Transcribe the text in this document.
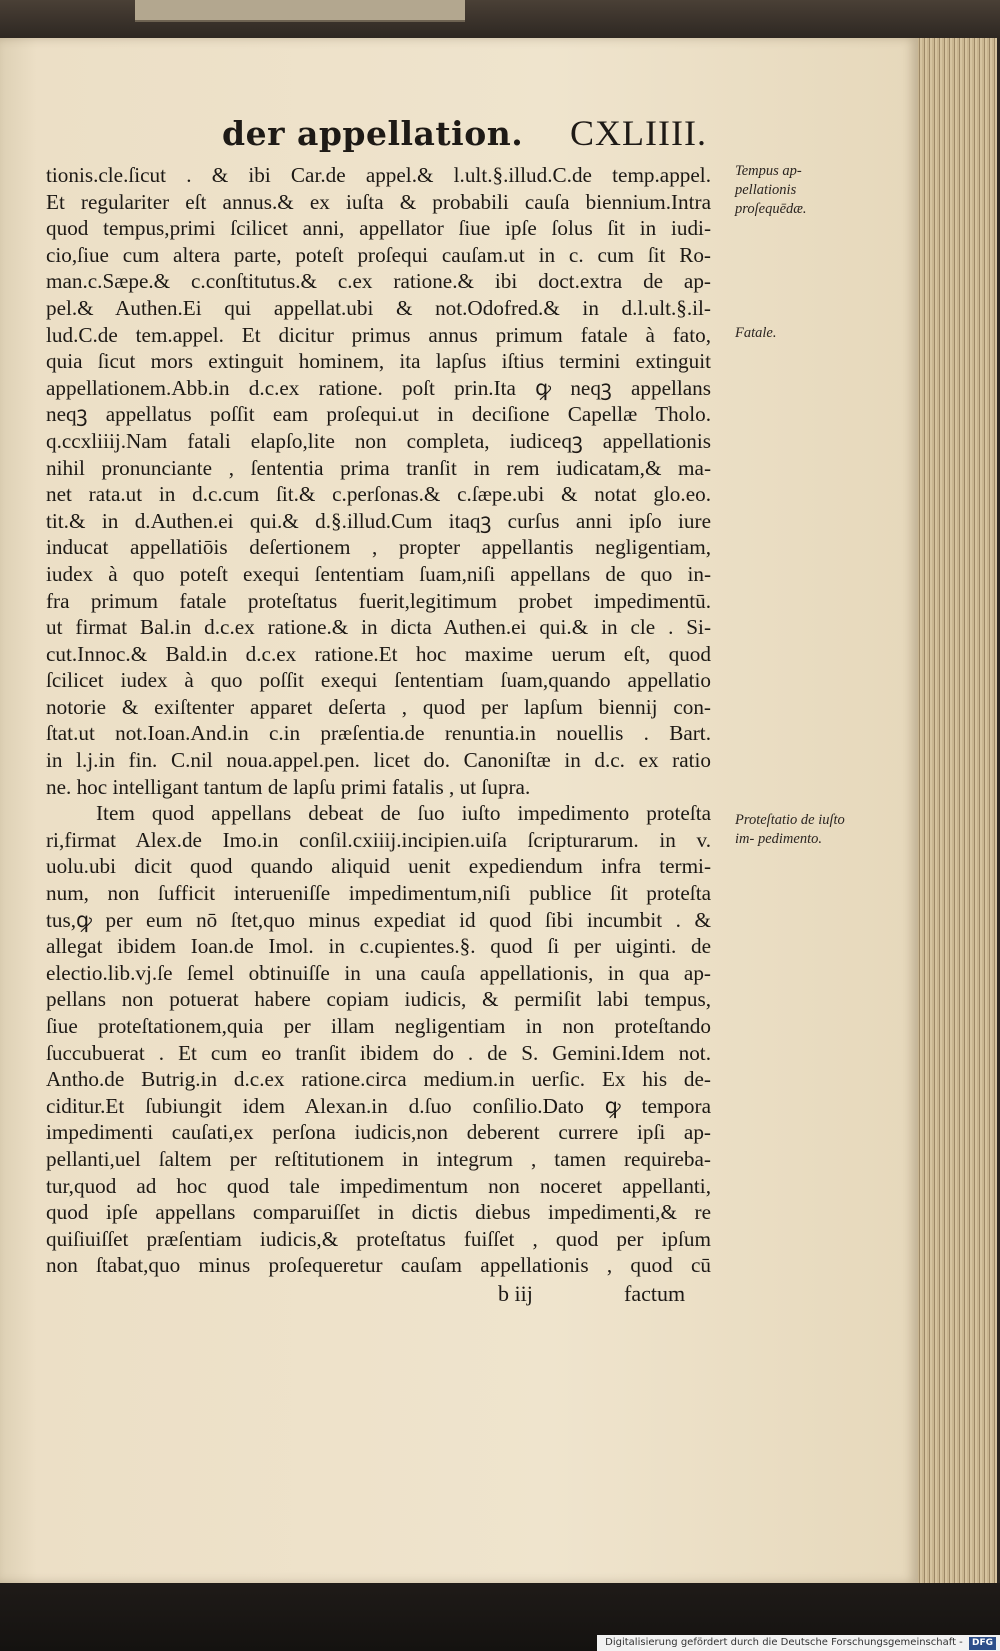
der appellation. CXLIIII.
tionis.cle.ſicut . & ibi Car.de appel.& l.ult.§.illud.C.de temp.appel.
Et regulariter eſt annus.& ex iuſta & probabili cauſa biennium.Intra
quod tempus,primi ſcilicet anni, appellator ſiue ipſe ſolus ſit in iudi‑
cio,ſiue cum altera parte, poteſt proſequi cauſam.ut in c. cum ſit Ro‑
man.c.Sæpe.& c.conſtitutus.& c.ex ratione.& ibi doct.extra de ap‑
pel.& Authen.Ei qui appellat.ubi & not.Odofred.& in d.l.ult.§.il‑
lud.C.de tem.appel. Et dicitur primus annus primum fatale à fato,
quia ſicut mors extinguit hominem, ita lapſus iſtius termini extinguit
appellationem.Abb.in d.c.ex ratione. poſt prin.Ita ꝙ neqꝫ appellans
neqꝫ appellatus poſſit eam proſequi.ut in deciſione Capellæ Tholo.
q.ccxliiij.Nam fatali elapſo,lite non completa, iudiceqꝫ appellationis
nihil pronunciante , ſententia prima tranſit in rem iudicatam,& ma‑
net rata.ut in d.c.cum ſit.& c.perſonas.& c.ſæpe.ubi & notat glo.eo.
tit.& in d.Authen.ei qui.& d.§.illud.Cum itaqꝫ curſus anni ipſo iure
inducat appellatiōis deſertionem , propter appellantis negligentiam,
iudex à quo poteſt exequi ſententiam ſuam,niſi appellans de quo in‑
fra primum fatale proteſtatus fuerit,legitimum probet impedimentū.
ut firmat Bal.in d.c.ex ratione.& in dicta Authen.ei qui.& in cle . Si‑
cut.Innoc.& Bald.in d.c.ex ratione.Et hoc maxime uerum eſt, quod
ſcilicet iudex à quo poſſit exequi ſententiam ſuam,quando appellatio
notorie & exiſtenter apparet deſerta , quod per lapſum biennij con‑
ſtat.ut not.Ioan.And.in c.in præſentia.de renuntia.in nouellis . Bart.
in l.j.in fin. C.nil noua.appel.pen. licet do. Canoniſtæ in d.c. ex ratio
ne. hoc intelligant tantum de lapſu primi fatalis , ut ſupra.
Item quod appellans debeat de ſuo iuſto impedimento proteſta
ri,firmat Alex.de Imo.in conſil.cxiiij.incipien.uiſa ſcripturarum. in v.
uolu.ubi dicit quod quando aliquid uenit expediendum infra termi‑
num, non ſufficit interueniſſe impedimentum,niſi publice ſit proteſta
tus,ꝙ per eum nō ſtet,quo minus expediat id quod ſibi incumbit . &
allegat ibidem Ioan.de Imol. in c.cupientes.§. quod ſi per uiginti. de
electio.lib.vj.ſe ſemel obtinuiſſe in una cauſa appellationis, in qua ap‑
pellans non potuerat habere copiam iudicis, & permiſit labi tempus,
ſiue proteſtationem,quia per illam negligentiam in non proteſtando
ſuccubuerat . Et cum eo tranſit ibidem do . de S. Gemini.Idem not.
Antho.de Butrig.in d.c.ex ratione.circa medium.in uerſic. Ex his de‑
ciditur.Et ſubiungit idem Alexan.in d.ſuo conſilio.Dato ꝙ tempora
impedimenti cauſati,ex perſona iudicis,non deberent currere ipſi ap‑
pellanti,uel ſaltem per reſtitutionem in integrum , tamen requireba‑
tur,quod ad hoc quod tale impedimentum non noceret appellanti,
quod ipſe appellans comparuiſſet in dictis diebus impedimenti,& re
quiſiuiſſet præſentiam iudicis,& proteſtatus fuiſſet , quod per ipſum
non ſtabat,quo minus proſequeretur cauſam appellationis , quod cū
b iij	factum
Tempus ap‑ pellationis proſequēdæ.
Fatale.
Proteſtatio de iuſto im‑ pedimento.
Digitalisierung gefördert durch die Deutsche Forschungsgemeinschaft - DFG
